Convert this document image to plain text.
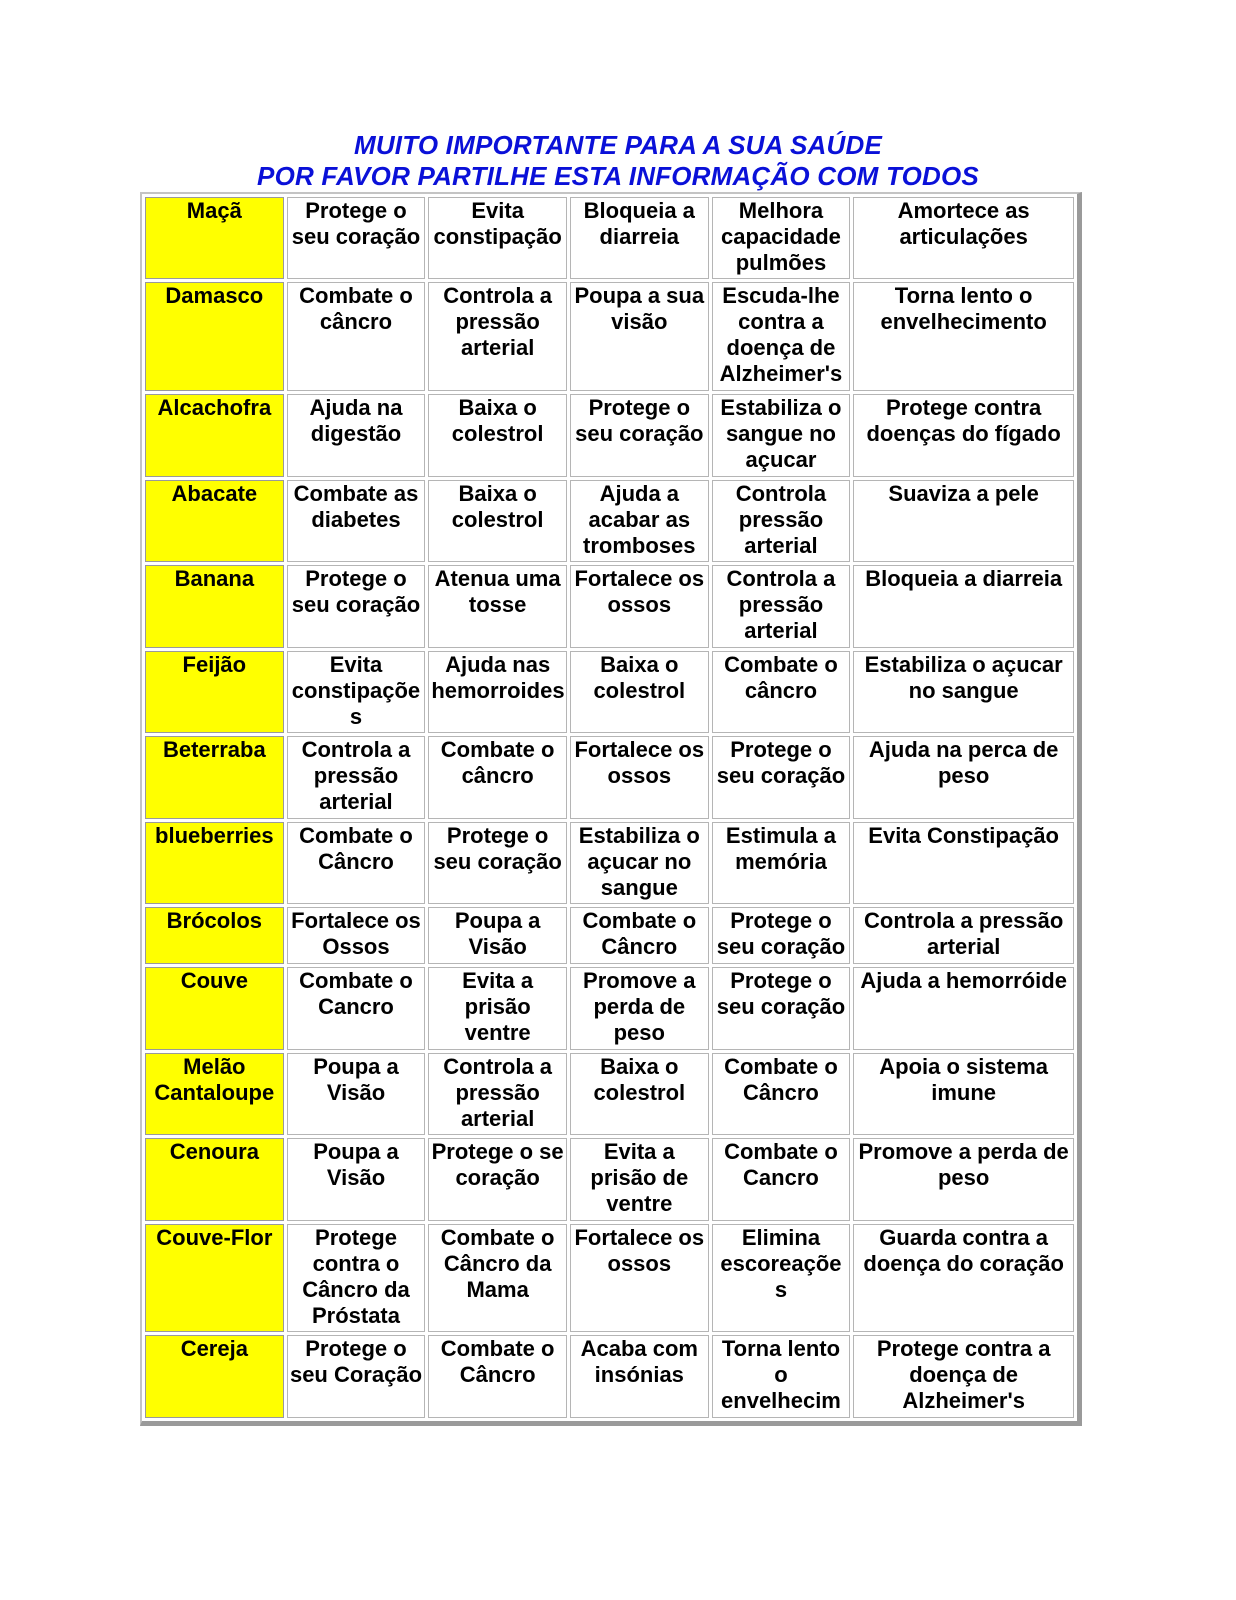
MUITO IMPORTANTE PARA A SUA SAÚDE
POR FAVOR PARTILHE ESTA INFORMAÇÃO COM TODOS
Maçã	Protege o seu coração	Evita constipação	Bloqueia a diarreia	Melhora capacidade pulmões	Amortece as articulações
Damasco	Combate o câncro	Controla a pressão arterial	Poupa a sua visão	Escuda-lhe contra a doença de Alzheimer's	Torna lento o envelhecimento
Alcachofra	Ajuda na digestão	Baixa o colestrol	Protege o seu coração	Estabiliza o sangue no açucar	Protege contra doenças do fígado
Abacate	Combate as diabetes	Baixa o colestrol	Ajuda a acabar as tromboses	Controla pressão arterial	Suaviza a pele
Banana	Protege o seu coração	Atenua uma tosse	Fortalece os ossos	Controla a pressão arterial	Bloqueia a diarreia
Feijão	Evita constipaçõe s	Ajuda nas hemorroides	Baixa o colestrol	Combate o câncro	Estabiliza o açucar no sangue
Beterraba	Controla a pressão arterial	Combate o câncro	Fortalece os ossos	Protege o seu coração	Ajuda na perca de peso
blueberries	Combate o Câncro	Protege o seu coração	Estabiliza o açucar no sangue	Estimula a memória	Evita Constipação
Brócolos	Fortalece os Ossos	Poupa a Visão	Combate o Câncro	Protege o seu coração	Controla a pressão arterial
Couve	Combate o Cancro	Evita a prisão ventre	Promove a perda de peso	Protege o seu coração	Ajuda a hemorróide
Melão Cantaloupe	Poupa a Visão	Controla a pressão arterial	Baixa o colestrol	Combate o Câncro	Apoia o sistema imune
Cenoura	Poupa a Visão	Protege o se coração	Evita a prisão de ventre	Combate o Cancro	Promove a perda de peso
Couve-Flor	Protege contra o Câncro da Próstata	Combate o Câncro da Mama	Fortalece os ossos	Elimina escoreaçõe s	Guarda contra a doença do coração
Cereja	Protege o seu Coração	Combate o Câncro	Acaba com insónias	Torna lento o envelhecim	Protege contra a doença de Alzheimer's
